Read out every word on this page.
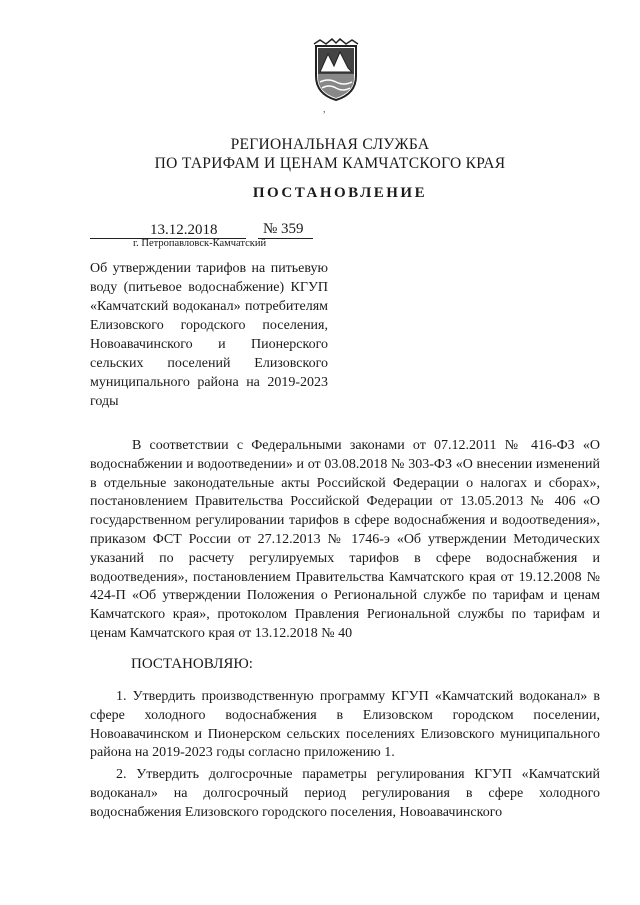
,
РЕГИОНАЛЬНАЯ СЛУЖБА
ПО ТАРИФАМ И ЦЕНАМ КАМЧАТСКОГО КРАЯ
ПОСТАНОВЛЕНИЕ
13.12.2018	№ 359
г. Петропавловск-Камчатский

Об утверждении тарифов на питьевую воду (питьевое водоснабжение) КГУП «Камчатский водоканал» потребителям Елизовского городского поселения, Новоавачинского и Пионерского сельских поселений Елизовского муниципального района на 2019-2023 годы

В соответствии с Федеральными законами от 07.12.2011 № 416-ФЗ «О водоснабжении и водоотведении» и от 03.08.2018 № 303-ФЗ «О внесении изменений в отдельные законодательные акты Российской Федерации о налогах и сборах», постановлением Правительства Российской Федерации от 13.05.2013 № 406 «О государственном регулировании тарифов в сфере водоснабжения и водоотведения», приказом ФСТ России от 27.12.2013 № 1746-э «Об утверждении Методических указаний по расчету регулируемых тарифов в сфере водоснабжения и водоотведения», постановлением Правительства Камчатского края от 19.12.2008 № 424-П «Об утверждении Положения о Региональной службе по тарифам и ценам Камчатского края», протоколом Правления Региональной службы по тарифам и ценам Камчатского края от 13.12.2018 № 40

ПОСТАНОВЛЯЮ:

1. Утвердить производственную программу КГУП «Камчатский водоканал» в сфере холодного водоснабжения в Елизовском городском поселении, Новоавачинском и Пионерском сельских поселениях Елизовского муниципального района на 2019-2023 годы согласно приложению 1.

2. Утвердить долгосрочные параметры регулирования КГУП «Камчатский водоканал» на долгосрочный период регулирования в сфере холодного водоснабжения Елизовского городского поселения, Новоавачинского
